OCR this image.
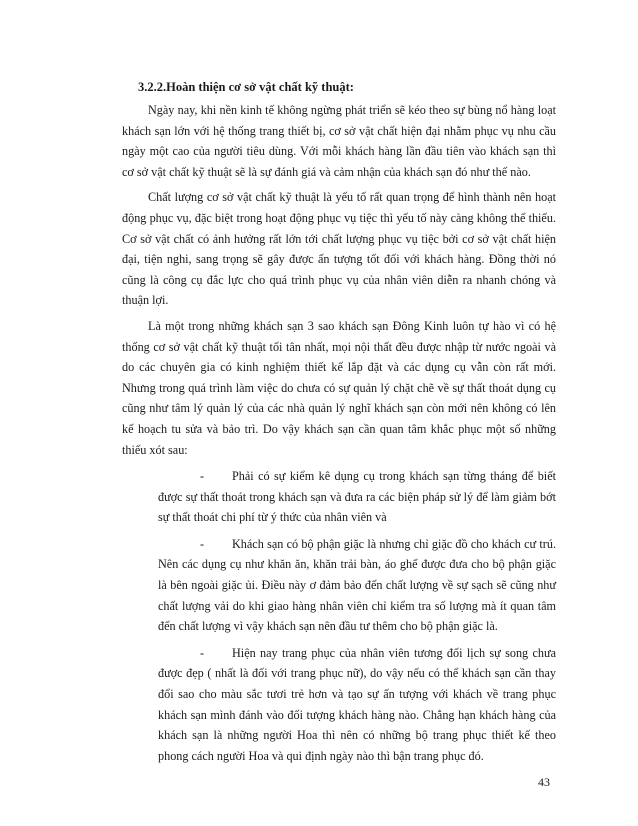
3.2.2.Hoàn thiện cơ sở vật chất kỹ thuật:

Ngày nay, khi nền kinh tế không ngừng phát triển sẽ kéo theo sự bùng nổ hàng loạt khách sạn lớn với hệ thống trang thiết bị, cơ sở vật chất hiện đại nhằm phục vụ nhu cầu ngày một cao của người tiêu dùng. Với mỗi khách hàng lần đầu tiên vào khách sạn thì cơ sở vật chất kỹ thuật sẽ là sự đánh giá và cảm nhận của khách sạn đó như thế nào.

Chất lượng cơ sở vật chất kỹ thuật là yếu tố rất quan trọng để hình thành nên hoạt động phục vụ, đặc biệt trong hoạt động phục vụ tiệc thì yếu tố này càng không thể thiếu. Cơ sở vật chất có ảnh hưởng rất lớn tới chất lượng phục vụ tiệc bởi cơ sở vật chất hiện đại, tiện nghi, sang trọng sẽ gây được ấn tượng tốt đối với khách hàng. Đồng thời nó cũng là công cụ đắc lực cho quá trình phục vụ của nhân viên diễn ra nhanh chóng và thuận lợi.

Là một trong những khách sạn 3 sao khách sạn Đông Kinh luôn tự hào vì có hệ thống cơ sở vật chất kỹ thuật tối tân nhất, mọi nội thất đều được nhập từ nước ngoài và do các chuyên gia có kinh nghiệm thiết kế lắp đặt và các dụng cụ vẫn còn rất mới. Nhưng trong quá trình làm việc do chưa có sự quản lý chặt chẽ về sự thất thoát dụng cụ cũng như tâm lý quản lý của các nhà quản lý nghĩ khách sạn còn mới nên không có lên kế hoạch tu sửa và bảo trì. Do vậy khách sạn cần quan tâm khắc phục một số những thiếu xót sau:

- Phải có sự kiểm kê dụng cụ trong khách sạn từng tháng để biết được sự thất thoát trong khách sạn và đưa ra các biện pháp sử lý để làm giảm bớt sự thất thoát chi phí từ ý thức của nhân viên và

- Khách sạn có bộ phận giặc là nhưng chỉ giặc đồ cho khách cư trú. Nên các dụng cụ như khăn ăn, khăn trải bàn, áo ghế được đưa cho bộ phận giặc là bên ngoài giặc ủi. Điều này ơ đảm bảo đến chất lượng về sự sạch sẽ cũng như chất lượng vải do khi giao hàng nhân viên chỉ kiểm tra số lượng mà ít quan tâm đến chất lượng vì vậy khách sạn nên đầu tư thêm cho bộ phận giặc là.

- Hiện nay trang phục của nhân viên tương đối lịch sự song chưa được đẹp ( nhất là đối với trang phục nữ), do vậy nếu có thể khách sạn cần thay đổi sao cho màu sắc tươi trẻ hơn và tạo sự ấn tượng với khách về trang phục khách sạn mình đánh vào đối tượng khách hàng nào. Chẳng hạn khách hàng của khách sạn là những người Hoa thì nên có những bộ trang phục thiết kế theo phong cách người Hoa và qui định ngày nào thì bận trang phục đó.

43
